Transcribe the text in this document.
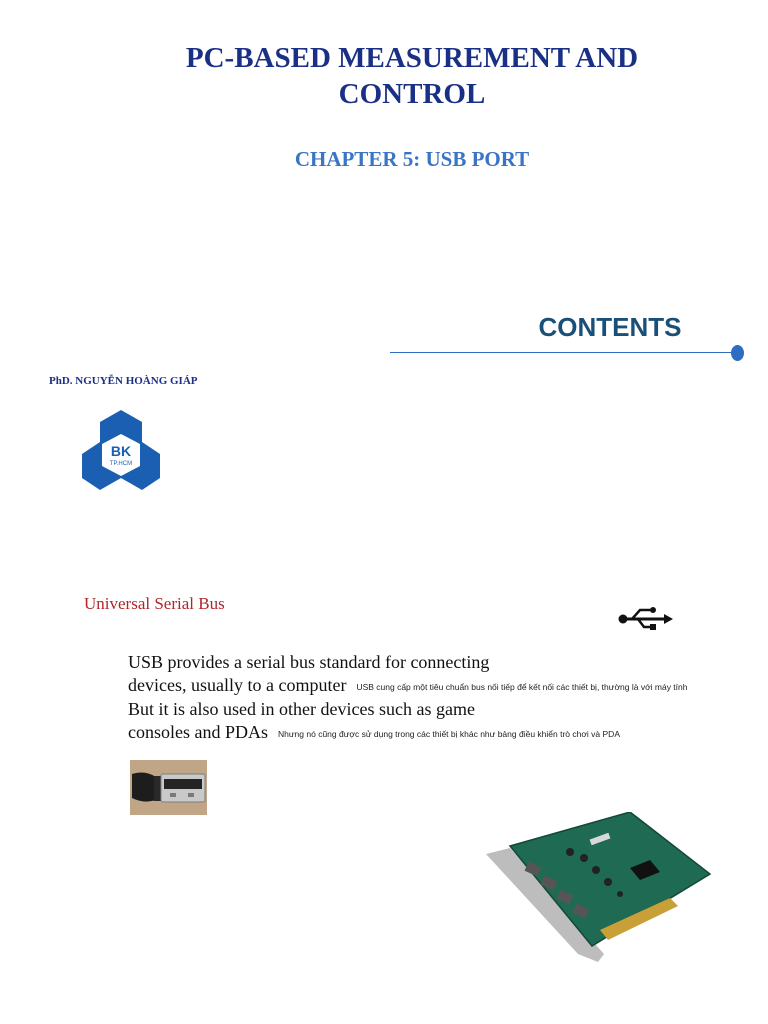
PC-BASED MEASUREMENT AND
CONTROL
CHAPTER 5: USB PORT
CONTENTS
PhD. NGUYỄN HOÀNG GIÁP
BK
TP.HCM
Universal Serial Bus
USB provides a serial bus standard for connecting
devices, usually to a computer USB cung cấp một tiêu chuẩn bus nối tiếp để kết nối các thiết bị, thường là với máy tính
But it is also used in other devices such as game
consoles and PDAs Nhưng nó cũng được sử dụng trong các thiết bị khác như bảng điều khiển trò chơi và PDA
